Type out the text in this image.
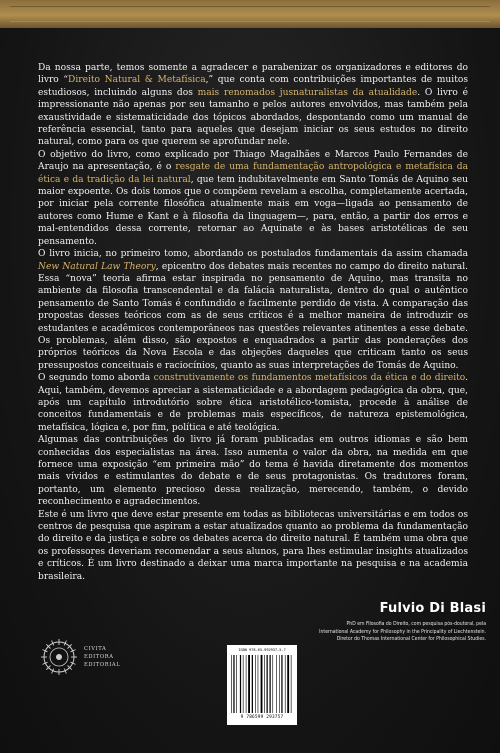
Da nossa parte, temos somente a agradecer e parabenizar os organizadores e editores do livro “Direito Natural & Metafísica,” que conta com contribuições importantes de muitos estudiosos, incluindo alguns dos mais renomados jusnaturalistas da atualidade. O livro é impressionante não apenas por seu tamanho e pelos autores envolvidos, mas também pela exaustividade e sistematicidade dos tópicos abordados, despontando como um manual de referência essencial, tanto para aqueles que desejam iniciar os seus estudos no direito natural, como para os que querem se aprofundar nele.

O objetivo do livro, como explicado por Thiago Magalhães e Marcos Paulo Fernandes de Araujo na apresentação, é o resgate de uma fundamentação antropológica e metafísica da ética e da tradição da lei natural, que tem indubitavelmente em Santo Tomás de Aquino seu maior expoente. Os dois tomos que o compõem revelam a escolha, completamente acertada, por iniciar pela corrente filosófica atualmente mais em voga—ligada ao pensamento de autores como Hume e Kant e à filosofia da linguagem—, para, então, a partir dos erros e mal-entendidos dessa corrente, retornar ao Aquinate e às bases aristotélicas de seu pensamento.

O livro inicia, no primeiro tomo, abordando os postulados fundamentais da assim chamada New Natural Law Theory, epicentro dos debates mais recentes no campo do direito natural. Essa “nova” teoria afirma estar inspirada no pensamento de Aquino, mas transita no ambiente da filosofia transcendental e da falácia naturalista, dentro do qual o autêntico pensamento de Santo Tomás é confundido e facilmente perdido de vista. A comparação das propostas desses teóricos com as de seus críticos é a melhor maneira de introduzir os estudantes e acadêmicos contemporâneos nas questões relevantes atinentes a esse debate. Os problemas, além disso, são expostos e enquadrados a partir das ponderações dos próprios teóricos da Nova Escola e das objeções daqueles que criticam tanto os seus pressupostos conceituais e raciocínios, quanto as suas interpretações de Tomás de Aquino.

O segundo tomo aborda construtivamente os fundamentos metafísicos da ética e do direito. Aqui, também, devemos apreciar a sistematicidade e a abordagem pedagógica da obra, que, após um capítulo introdutório sobre ética aristotélico-tomista, procede à análise de conceitos fundamentais e de problemas mais específicos, de natureza epistemológica, metafísica, lógica e, por fim, política e até teológica.

Algumas das contribuições do livro já foram publicadas em outros idiomas e são bem conhecidas dos especialistas na área. Isso aumenta o valor da obra, na medida em que fornece uma exposição “em primeira mão” do tema é havida diretamente dos momentos mais vívidos e estimulantes do debate e de seus protagonistas. Os tradutores foram, portanto, um elemento precioso dessa realização, merecendo, também, o devido reconhecimento e agradecimentos.

Este é um livro que deve estar presente em todas as bibliotecas universitárias e em todos os centros de pesquisa que aspiram a estar atualizados quanto ao problema da fundamentação do direito e da justiça e sobre os debates acerca do direito natural. É também uma obra que os professores deveriam recomendar a seus alunos, para lhes estimular insights atualizados e críticos. É um livro destinado a deixar uma marca importante na pesquisa e na academia brasileira.

Fulvio Di Blasi
PhD em Filosofia do Direito, com pesquisa pós-doutoral, pela
International Academy for Philosophy in the Principality of Liechtenstein.
Diretor do Thomas International Center for Philosophical Studies.
CIVITA
EDITORA
EDITORIAL
ISBN 978-65-992937-5-7
9 786599 293757
